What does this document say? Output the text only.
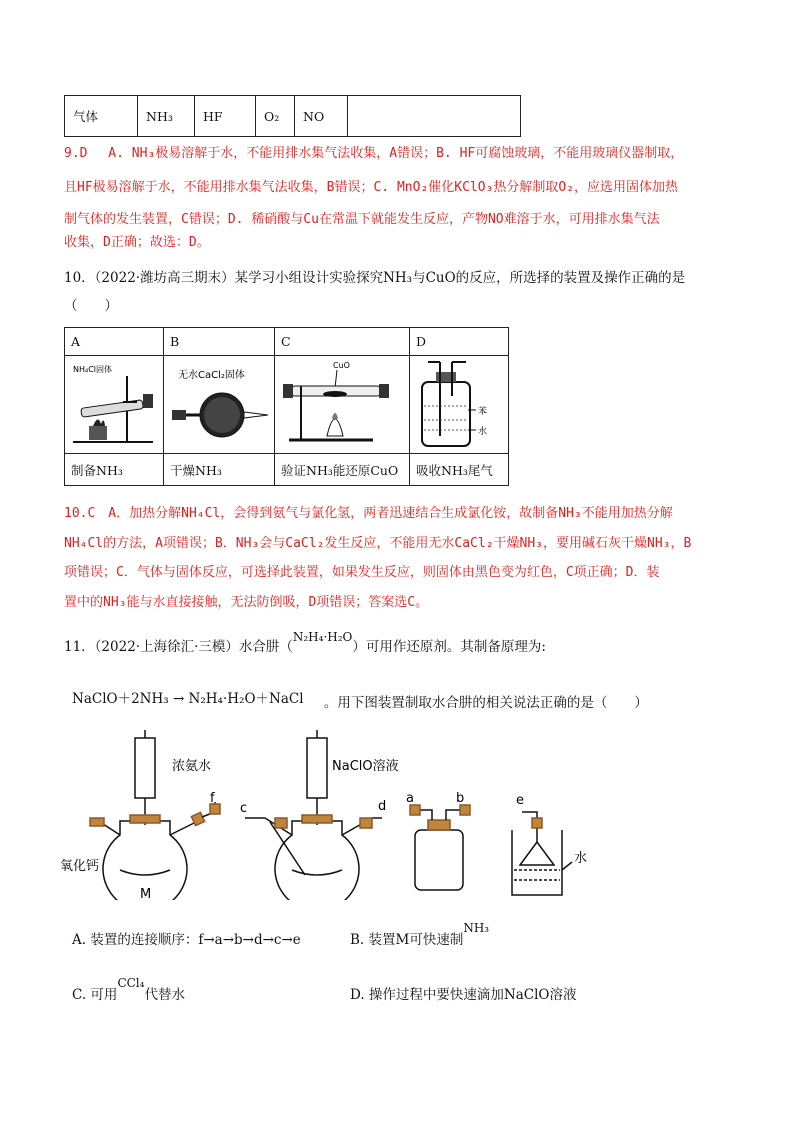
气体	NH₃	HF	O₂	NO	
9.D　 A. NH₃极易溶解于水，不能用排水集气法收集，A错误；B. HF可腐蚀玻璃，不能用玻璃仪器制取，
且HF极易溶解于水，不能用排水集气法收集，B错误；C. MnO₂催化KClO₃热分解制取O₂，应选用固体加热
制气体的发生装置，C错误；D. 稀硝酸与Cu在常温下就能发生反应，产物NO难溶于水，可用排水集气法
收集，D正确；故选：D。
10．（2022·潍坊高三期末）某学习小组设计实验探究NH₃与CuO的反应，所选择的装置及操作正确的是
（　　）
A	B	C	D

NH₄Cl固体	无水CaCl₂固体	CuO	苯
水

制备NH₃	干燥NH₃	验证NH₃能还原CuO	吸收NH₃尾气
10.C　A．加热分解NH₄Cl，会得到氨气与氯化氢，两者迅速结合生成氯化铵，故制备NH₃不能用加热分解
NH₄Cl的方法，A项错误；B．NH₃会与CaCl₂发生反应，不能用无水CaCl₂干燥NH₃，要用碱石灰干燥NH₃，B
项错误；C．气体与固体反应，可选择此装置，如果发生反应，则固体由黑色变为红色，C项正确；D．装
置中的NH₃能与水直接接触，无法防倒吸，D项错误；答案选C。
11．（2022·上海徐汇·三模）水合肼（N₂H₄·H₂O）可用作还原剂。其制备原理为:
NaClO＋2NH₃ → N₂H₄·H₂O＋NaCl 。用下图装置制取水合肼的相关说法正确的是（　　）
浓氨水	NaClO溶液
氧化钙
M
水
f
c	d
a	b	e
A. 装置的连接顺序：f→a→b→d→c→e	B. 装置M可快速制NH₃
C. 可用CCl₄代替水	D. 操作过程中要快速滴加NaClO溶液
